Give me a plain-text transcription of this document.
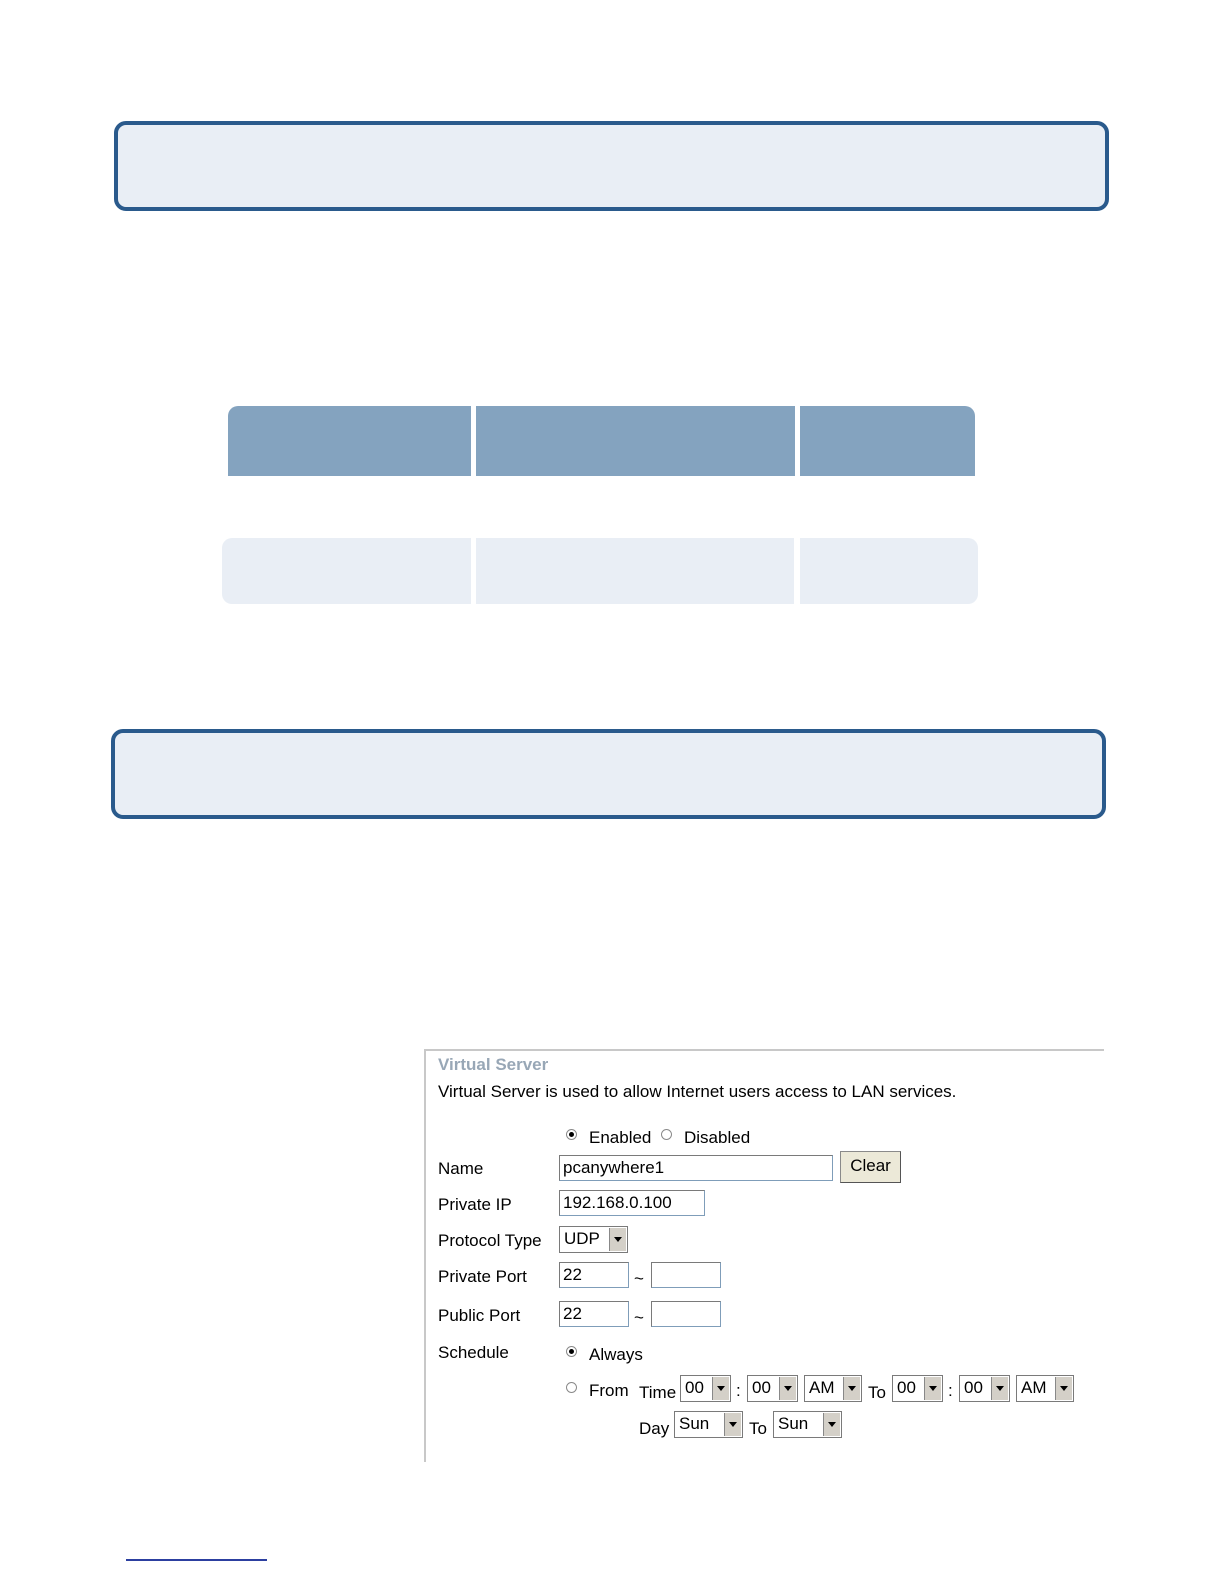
Virtual Server
Virtual Server is used to allow Internet users access to LAN services.
Enabled Disabled
Name	pcanywhere1	Clear
Private IP	192.168.0.100
Protocol Type UDP
Private Port 22	~
Public Port	22	~
Schedule	Always
From Time 00 : 00 AM To 00 : 00 AM
Day Sun To Sun
